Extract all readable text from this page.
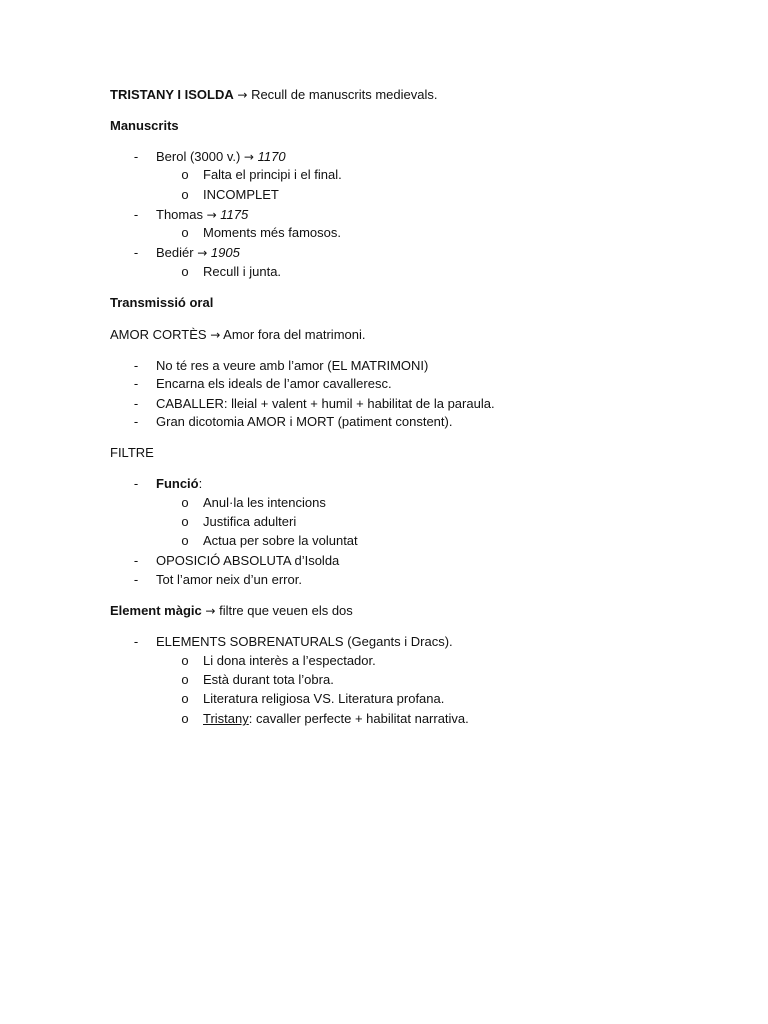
TRISTANY I ISOLDA → Recull de manuscrits medievals.
Manuscrits
- Berol (3000 v.) → 1170
o Falta el principi i el final.
o INCOMPLET
- Thomas → 1175
o Moments més famosos.
- Bediér → 1905
o Recull i junta.
Transmissió oral
AMOR CORTÈS → Amor fora del matrimoni.
- No té res a veure amb l’amor (EL MATRIMONI)
- Encarna els ideals de l’amor cavalleresc.
- CABALLER: lleial + valent + humil + habilitat de la paraula.
- Gran dicotomia AMOR i MORT (patiment constent).
FILTRE
- Funció:
o Anul·la les intencions
o Justifica adulteri
o Actua per sobre la voluntat
- OPOSICIÓ ABSOLUTA d’Isolda
- Tot l’amor neix d’un error.
Element màgic → filtre que veuen els dos
- ELEMENTS SOBRENATURALS (Gegants i Dracs).
o Li dona interès a l’espectador.
o Està durant tota l’obra.
o Literatura religiosa VS. Literatura profana.
o Tristany: cavaller perfecte + habilitat narrativa.
